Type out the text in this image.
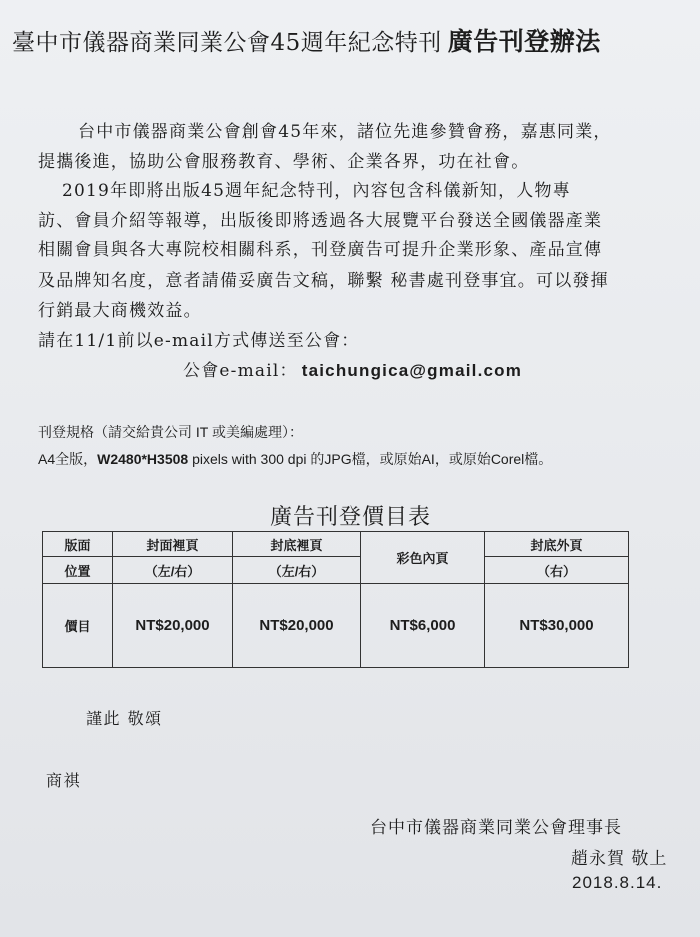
臺中市儀器商業同業公會45週年紀念特刊 廣告刊登辦法
台中市儀器商業公會創會45年來，諸位先進參贊會務，嘉惠同業，
提攜後進，協助公會服務教育、學術、企業各界，功在社會。
2019年即將出版45週年紀念特刊，內容包含科儀新知，人物專
訪、會員介紹等報導，出版後即將透過各大展覽平台發送全國儀器產業
相關會員與各大專院校相關科系，刊登廣告可提升企業形象、產品宣傳
及品牌知名度，意者請備妥廣告文稿，聯繫 秘書處刊登事宜。可以發揮
行銷最大商機效益。
請在11/1前以e-mail方式傳送至公會：
公會e-mail： taichungica@gmail.com
刊登規格（請交給貴公司 IT 或美編處理）：
A4全版，W2480*H3508 pixels with 300 dpi 的JPG檔，或原始AI，或原始Corel檔。
廣告刊登價目表
版面	封面裡頁	封底裡頁	彩色內頁	封底外頁
位置	（左/右）	（左/右）		（右）
價目	NT$20,000	NT$20,000	NT$6,000	NT$30,000
謹此 敬頌
商祺
台中市儀器商業同業公會理事長
趙永賀 敬上
2018.8.14.
